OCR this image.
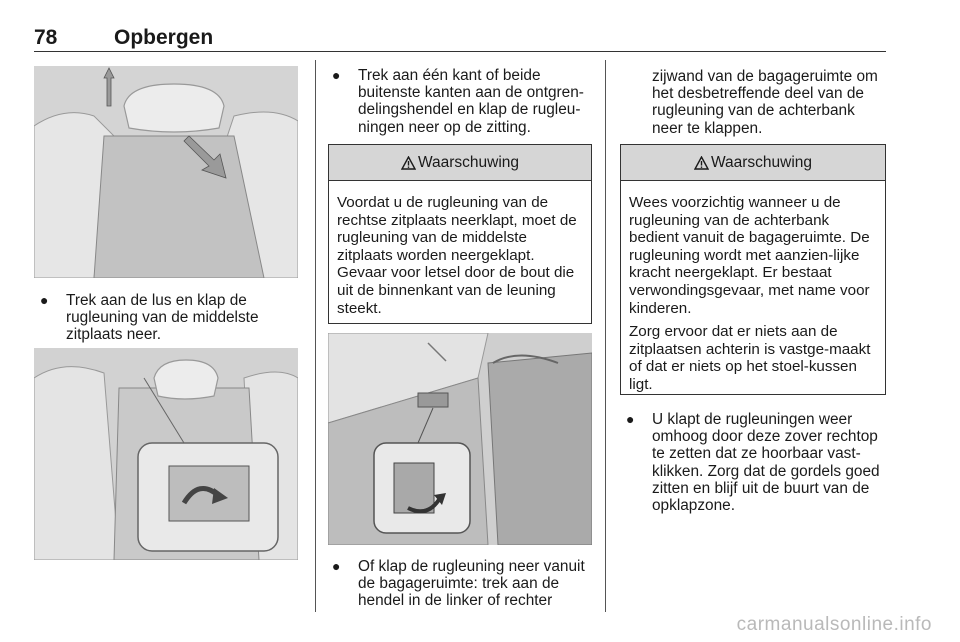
78	Opbergen
●	Trek aan de lus en klap de rugleuning van de middelste zitplaats neer.
●	Trek aan één kant of beide buitenste kanten aan de ontgren-delingshendel en klap de rugleu-ningen neer op de zitting.
Waarschuwing

Voordat u de rugleuning van de rechtse zitplaats neerklapt, moet de rugleuning van de middelste zitplaats worden neergeklapt. Gevaar voor letsel door de bout die uit de binnenkant van de leuning steekt.

●	Of klap de rugleuning neer vanuit de bagageruimte: trek aan de hendel in de linker of rechter
zijwand van de bagageruimte om het desbetreffende deel van de rugleuning van de achterbank neer te klappen.
Waarschuwing

Wees voorzichtig wanneer u de rugleuning van de achterbank bedient vanuit de bagageruimte. De rugleuning wordt met aanzien-lijke kracht neergeklapt. Er bestaat verwondingsgevaar, met name voor kinderen.

Zorg ervoor dat er niets aan de zitplaatsen achterin is vastge-maakt of dat er niets op het stoel-kussen ligt.

●	U klapt de rugleuningen weer omhoog door deze zover rechtop te zetten dat ze hoorbaar vast-klikken. Zorg dat de gordels goed zitten en blijf uit de buurt van de opklapzone.
carmanualsonline.info
